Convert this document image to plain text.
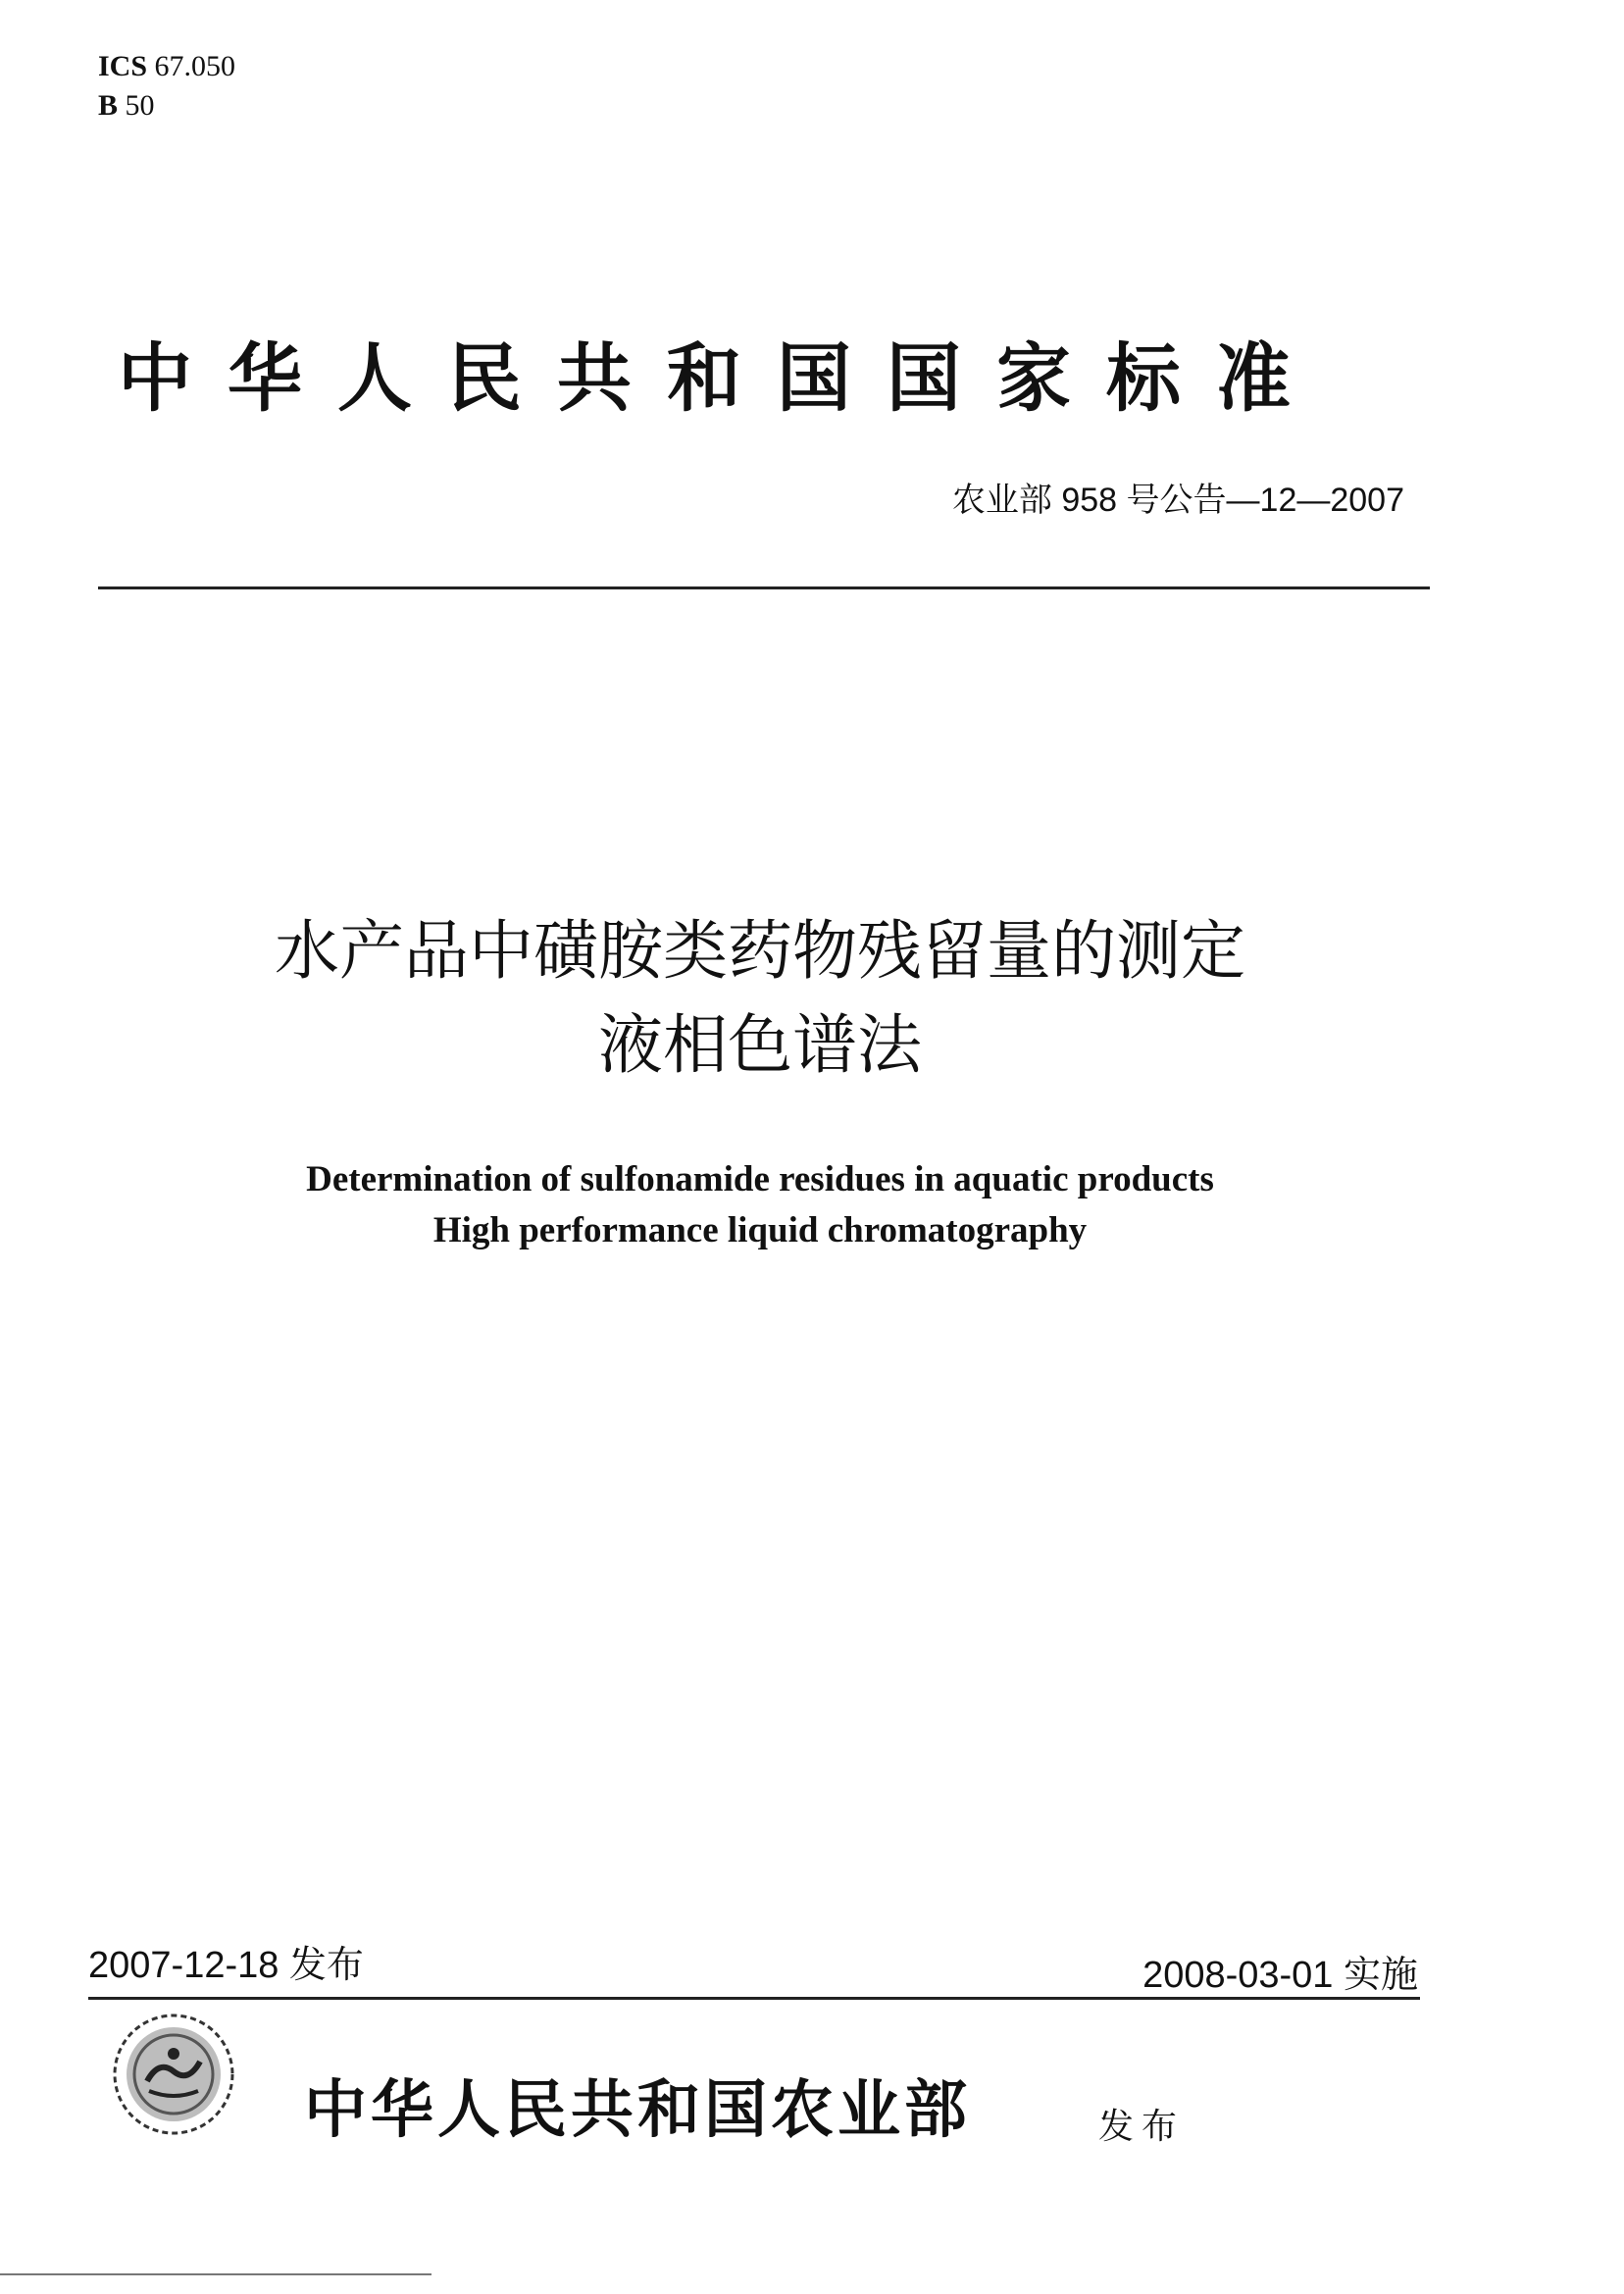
ICS 67.050
B 50
中华人民共和国国家标准
农业部 958 号公告—12—2007
水产品中磺胺类药物残留量的测定
液相色谱法
Determination of sulfonamide residues in aquatic products
High performance liquid chromatography
2007-12-18 发布	2008-03-01 实施
中华人民共和国农业部	发布
